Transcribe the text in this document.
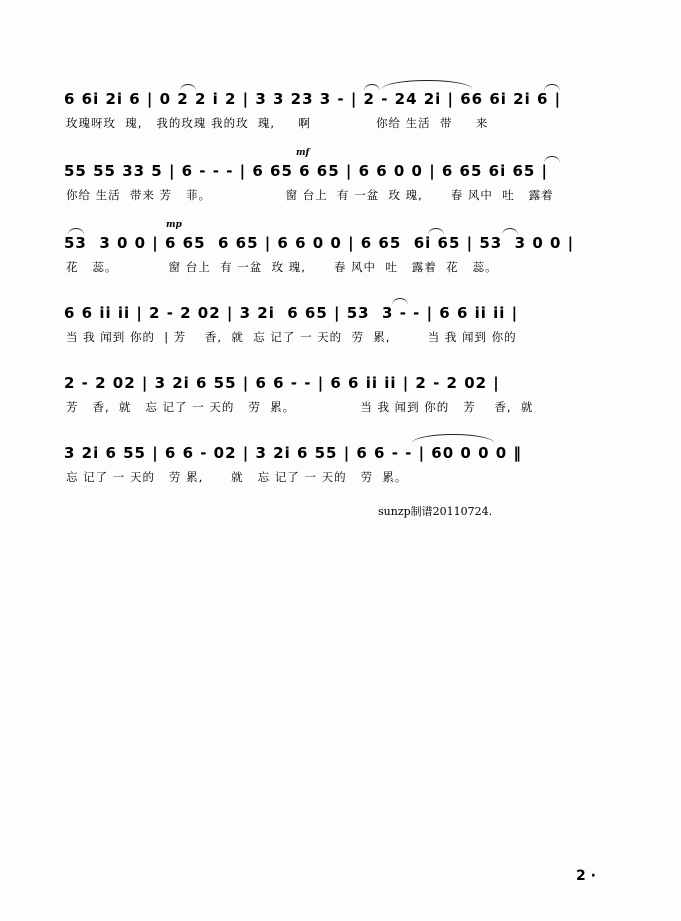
6 6i 2i 6 | 0 2 2 i 2 | 3 3 23 3 - | 2 - 24 2i | 66 6i 2i 6 |
玫瑰呀玫  瑰,   我的玫瑰 我的玫  瑰,     啊              你给 生活  带     来
mf
55 55 33 5 | 6 - - - | 6 65 6 65 | 6 6 0 0 | 6 65 6i 65 |
你给 生活  带来 芳   菲。                窗 台上  有 一盆  玫 瑰,      春 风中  吐   露着
mp
53  3 0 0 | 6 65  6 65 | 6 6 0 0 | 6 65  6i 65 | 53  3 0 0 |
花   蕊。           窗 台上  有 一盆  玫 瑰,      春 风中  吐   露着  花   蕊。
6 6 ii ii | 2 - 2 02 | 3 2i  6 65 | 53  3 - - | 6 6 ii ii |
当 我 闻到 你的  | 芳    香,  就  忘 记了 一 天的  劳  累,        当 我 闻到 你的
2 - 2 02 | 3 2i 6 55 | 6 6 - - | 6 6 ii ii | 2 - 2 02 |
芳   香,  就   忘 记了 一 天的   劳  累。              当 我 闻到 你的   芳    香,  就
3 2i 6 55 | 6 6 - 02 | 3 2i 6 55 | 6 6 - - | 60 0 0 0 ‖
忘 记了 一 天的   劳 累,      就   忘 记了 一 天的   劳  累。
sunzp制谱20110724.
2 ·
